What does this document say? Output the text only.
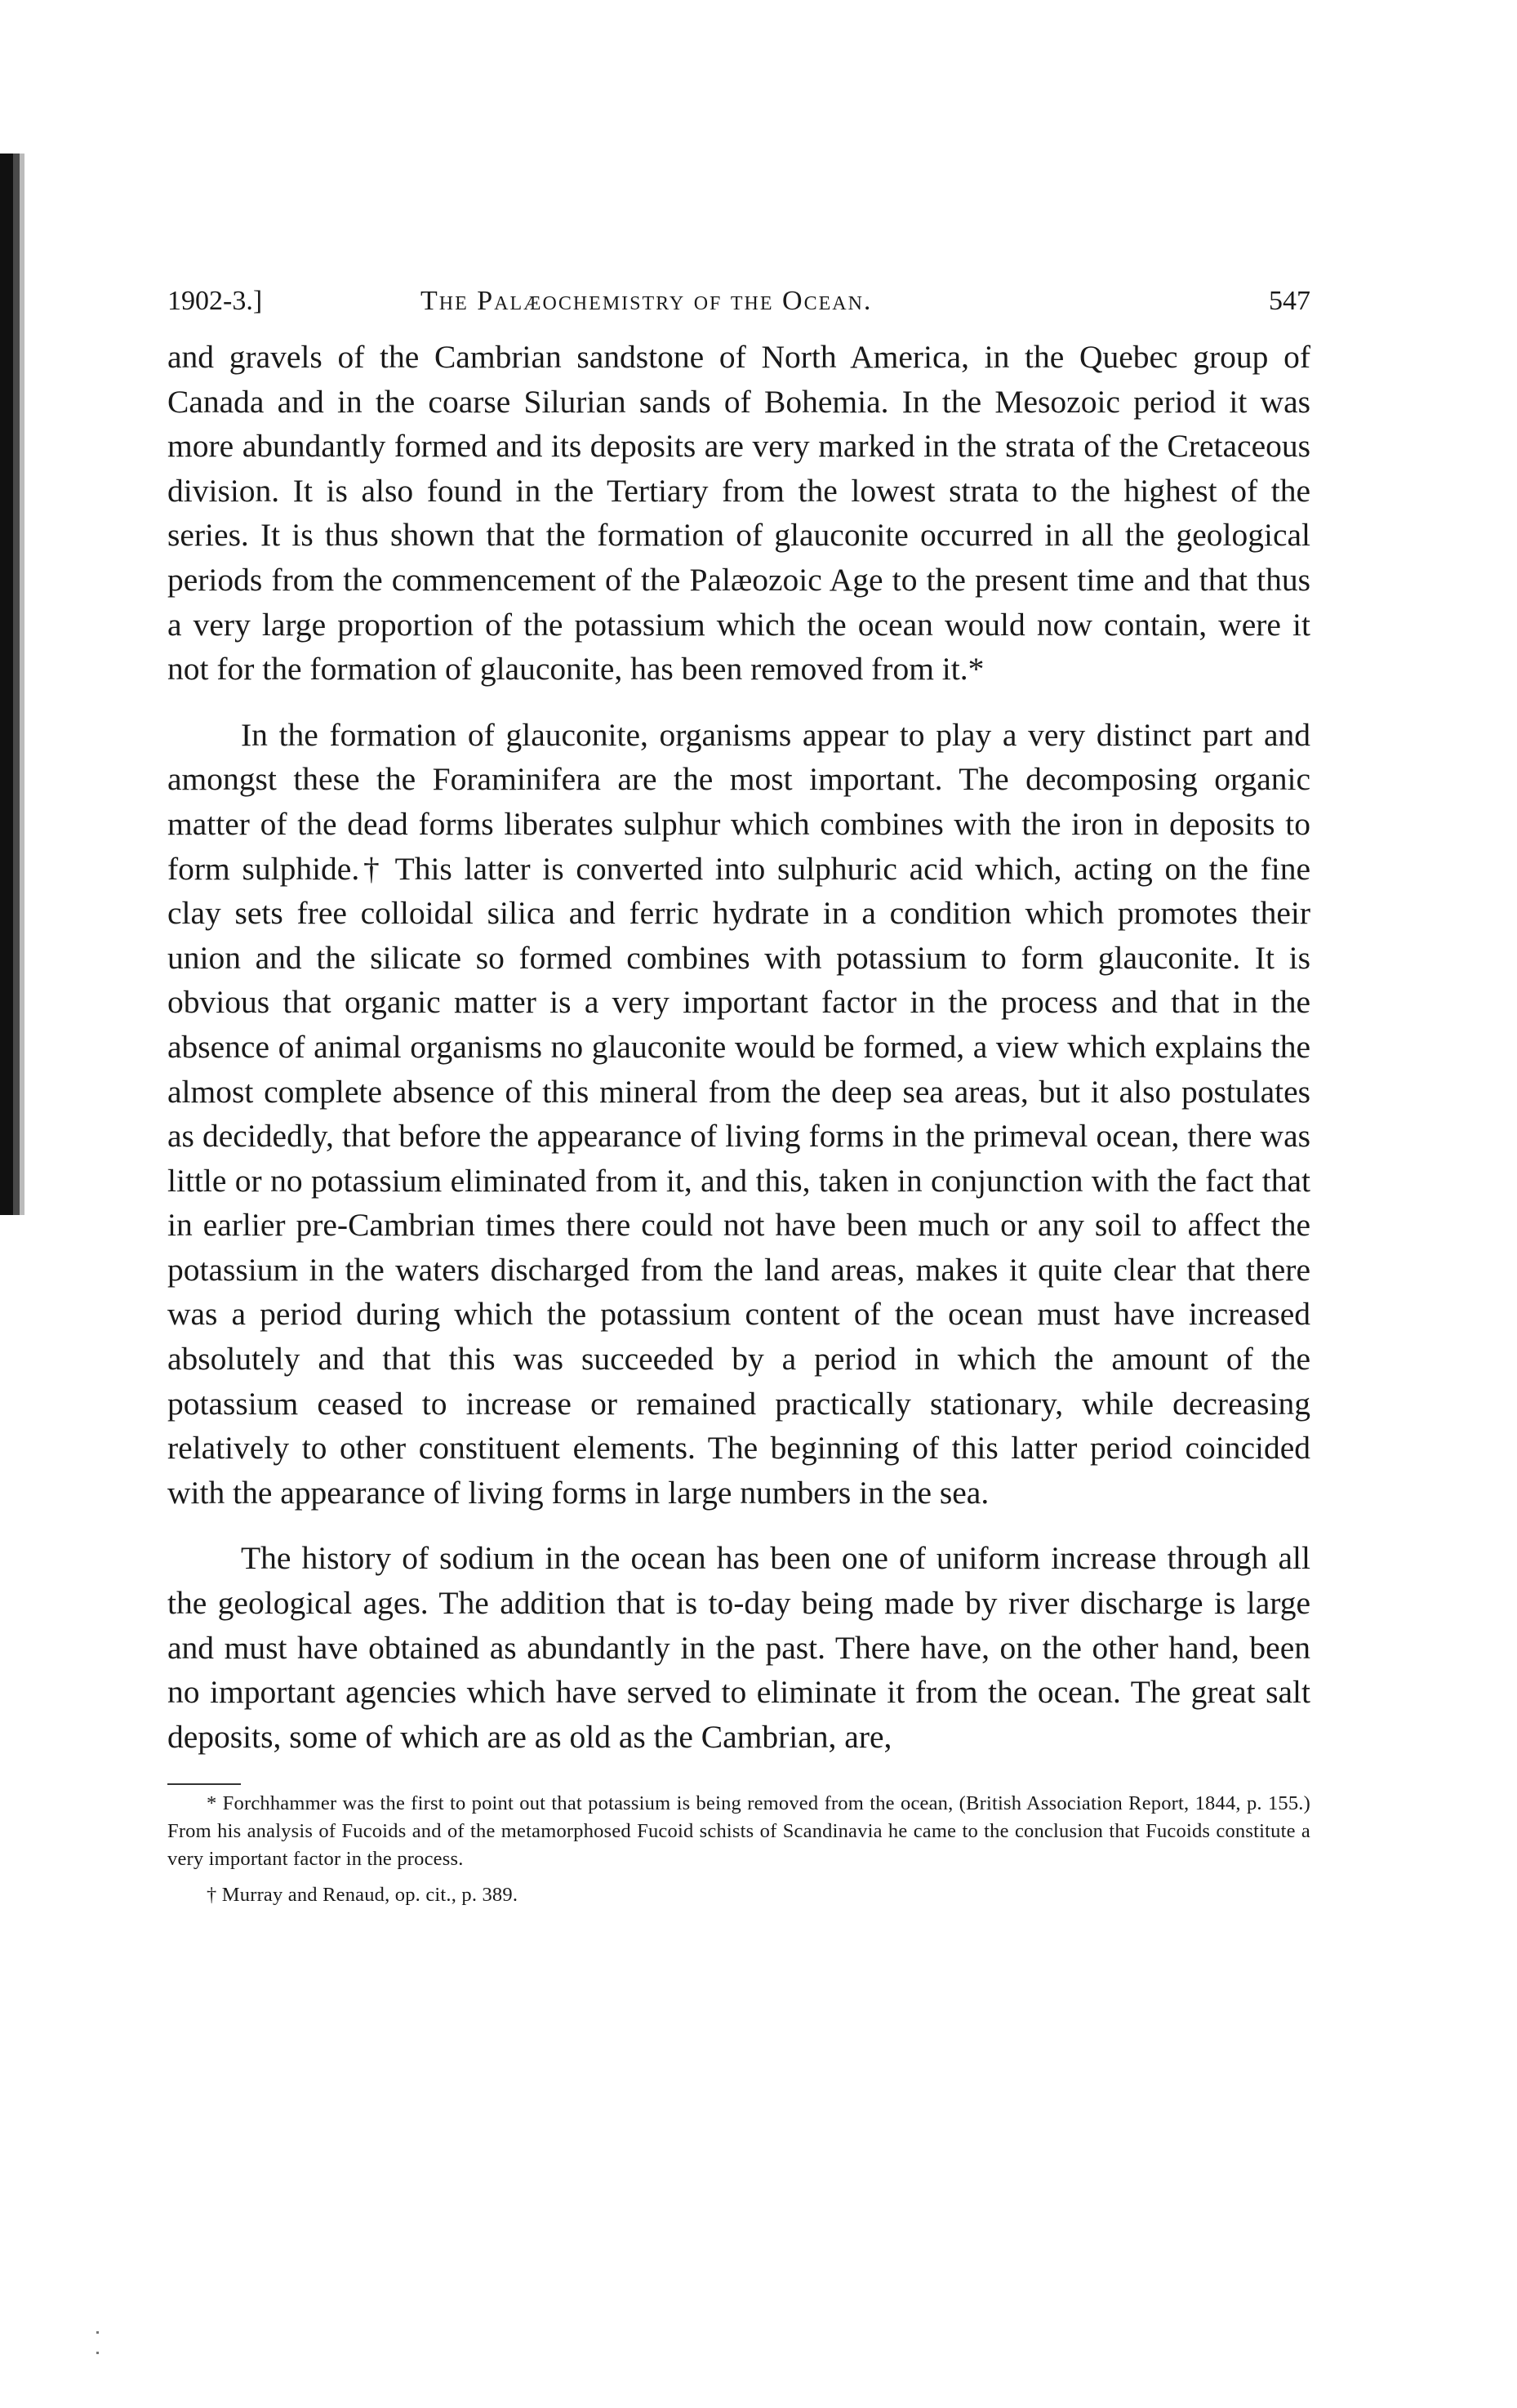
1902-3.]	The Palæochemistry of the Ocean.	547

and gravels of the Cambrian sandstone of North America, in the Quebec group of Canada and in the coarse Silurian sands of Bohemia. In the Mesozoic period it was more abundantly formed and its deposits are very marked in the strata of the Cretaceous division. It is also found in the Tertiary from the lowest strata to the highest of the series. It is thus shown that the formation of glauconite occurred in all the geological periods from the commencement of the Palæozoic Age to the present time and that thus a very large proportion of the potassium which the ocean would now contain, were it not for the formation of glauconite, has been removed from it.*

In the formation of glauconite, organisms appear to play a very distinct part and amongst these the Foraminifera are the most important. The decomposing organic matter of the dead forms liberates sulphur which combines with the iron in deposits to form sulphide.† This latter is converted into sulphuric acid which, acting on the fine clay sets free colloidal silica and ferric hydrate in a condition which promotes their union and the silicate so formed combines with potassium to form glauconite. It is obvious that organic matter is a very important factor in the process and that in the absence of animal organisms no glauconite would be formed, a view which explains the almost complete absence of this mineral from the deep sea areas, but it also postulates as decidedly, that before the appearance of living forms in the primeval ocean, there was little or no potassium eliminated from it, and this, taken in conjunction with the fact that in earlier pre-Cambrian times there could not have been much or any soil to affect the potassium in the waters discharged from the land areas, makes it quite clear that there was a period during which the potassium content of the ocean must have increased absolutely and that this was succeeded by a period in which the amount of the potassium ceased to increase or remained practically stationary, while decreasing relatively to other constituent elements. The beginning of this latter period coincided with the appearance of living forms in large numbers in the sea.

The history of sodium in the ocean has been one of uniform increase through all the geological ages. The addition that is to-day being made by river discharge is large and must have obtained as abundantly in the past. There have, on the other hand, been no important agencies which have served to eliminate it from the ocean. The great salt deposits, some of which are as old as the Cambrian, are,

* Forchhammer was the first to point out that potassium is being removed from the ocean, (British Association Report, 1844, p. 155.) From his analysis of Fucoids and of the metamorphosed Fucoid schists of Scandinavia he came to the conclusion that Fucoids constitute a very important factor in the process.

† Murray and Renaud, op. cit., p. 389.
